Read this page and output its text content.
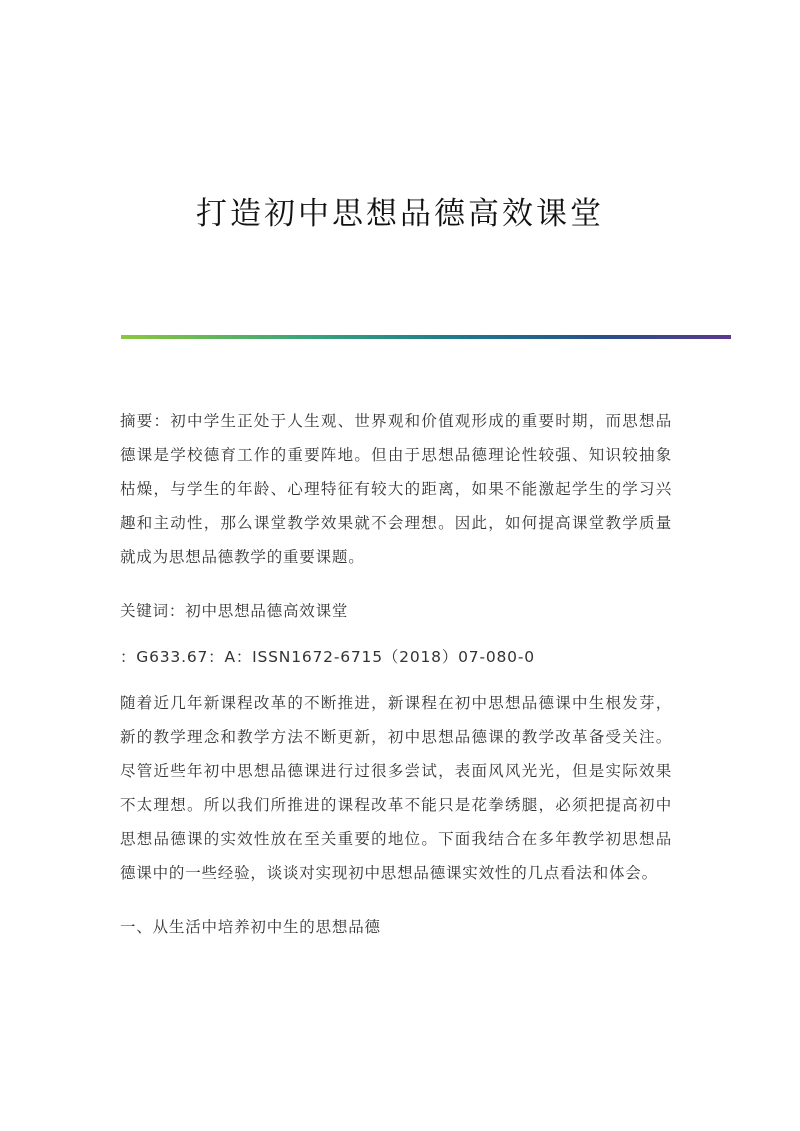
打造初中思想品德高效课堂

摘要：初中学生正处于人生观、世界观和价值观形成的重要时期，而思想品德课是学校德育工作的重要阵地。但由于思想品德理论性较强、知识较抽象枯燥，与学生的年龄、心理特征有较大的距离，如果不能激起学生的学习兴趣和主动性，那么课堂教学效果就不会理想。因此，如何提高课堂教学质量就成为思想品德教学的重要课题。

关键词：初中思想品德高效课堂

：G633.67：A：ISSN1672-6715（2018）07-080-0

随着近几年新课程改革的不断推进，新课程在初中思想品德课中生根发芽，新的教学理念和教学方法不断更新，初中思想品德课的教学改革备受关注。尽管近些年初中思想品德课进行过很多尝试，表面风风光光，但是实际效果不太理想。所以我们所推进的课程改革不能只是花拳绣腿，必须把提高初中思想品德课的实效性放在至关重要的地位。下面我结合在多年教学初思想品德课中的一些经验，谈谈对实现初中思想品德课实效性的几点看法和体会。

一、从生活中培养初中生的思想品德
